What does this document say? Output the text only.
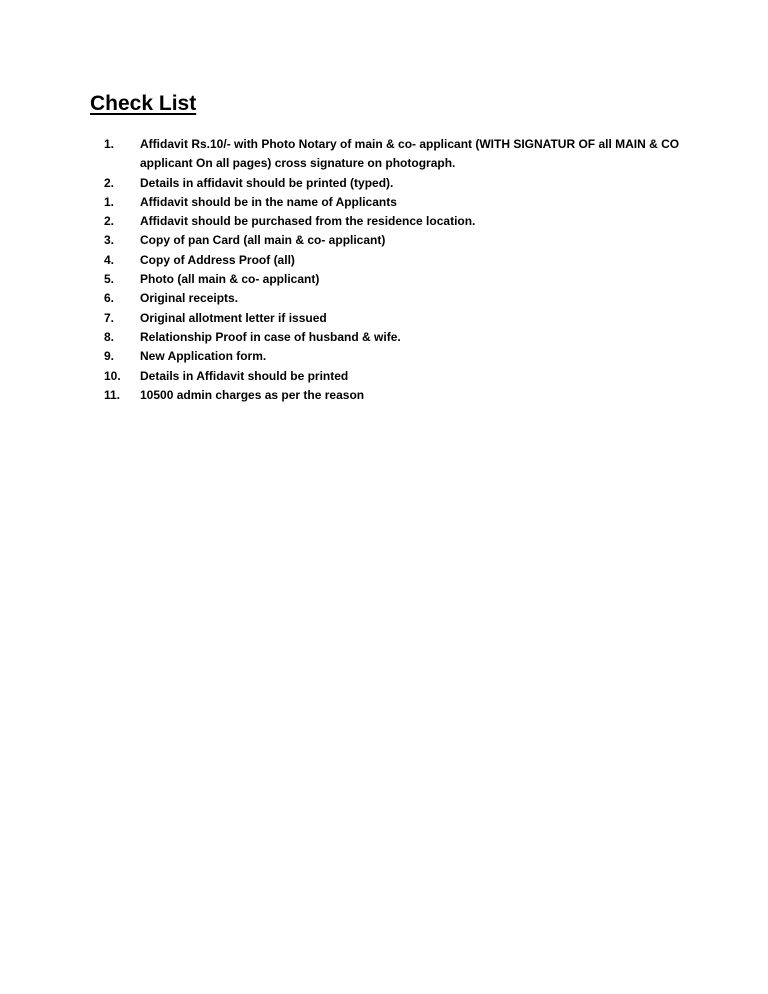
Check List
1.	Affidavit Rs.10/- with Photo Notary of main & co- applicant (WITH SIGNATUR OF all MAIN & CO applicant On all pages) cross signature on photograph.
2.	Details in affidavit should be printed (typed).
1.	Affidavit should be in the name of Applicants
2.	Affidavit should be purchased from the residence location.
3.	Copy of pan Card (all main & co- applicant)
4.	Copy of Address Proof (all)
5.	Photo (all main & co- applicant)
6.	Original receipts.
7.	Original allotment letter if issued
8.	Relationship Proof in case of husband & wife.
9.	New Application form.
10.	Details in Affidavit should be printed
11.	10500 admin charges as per the reason
